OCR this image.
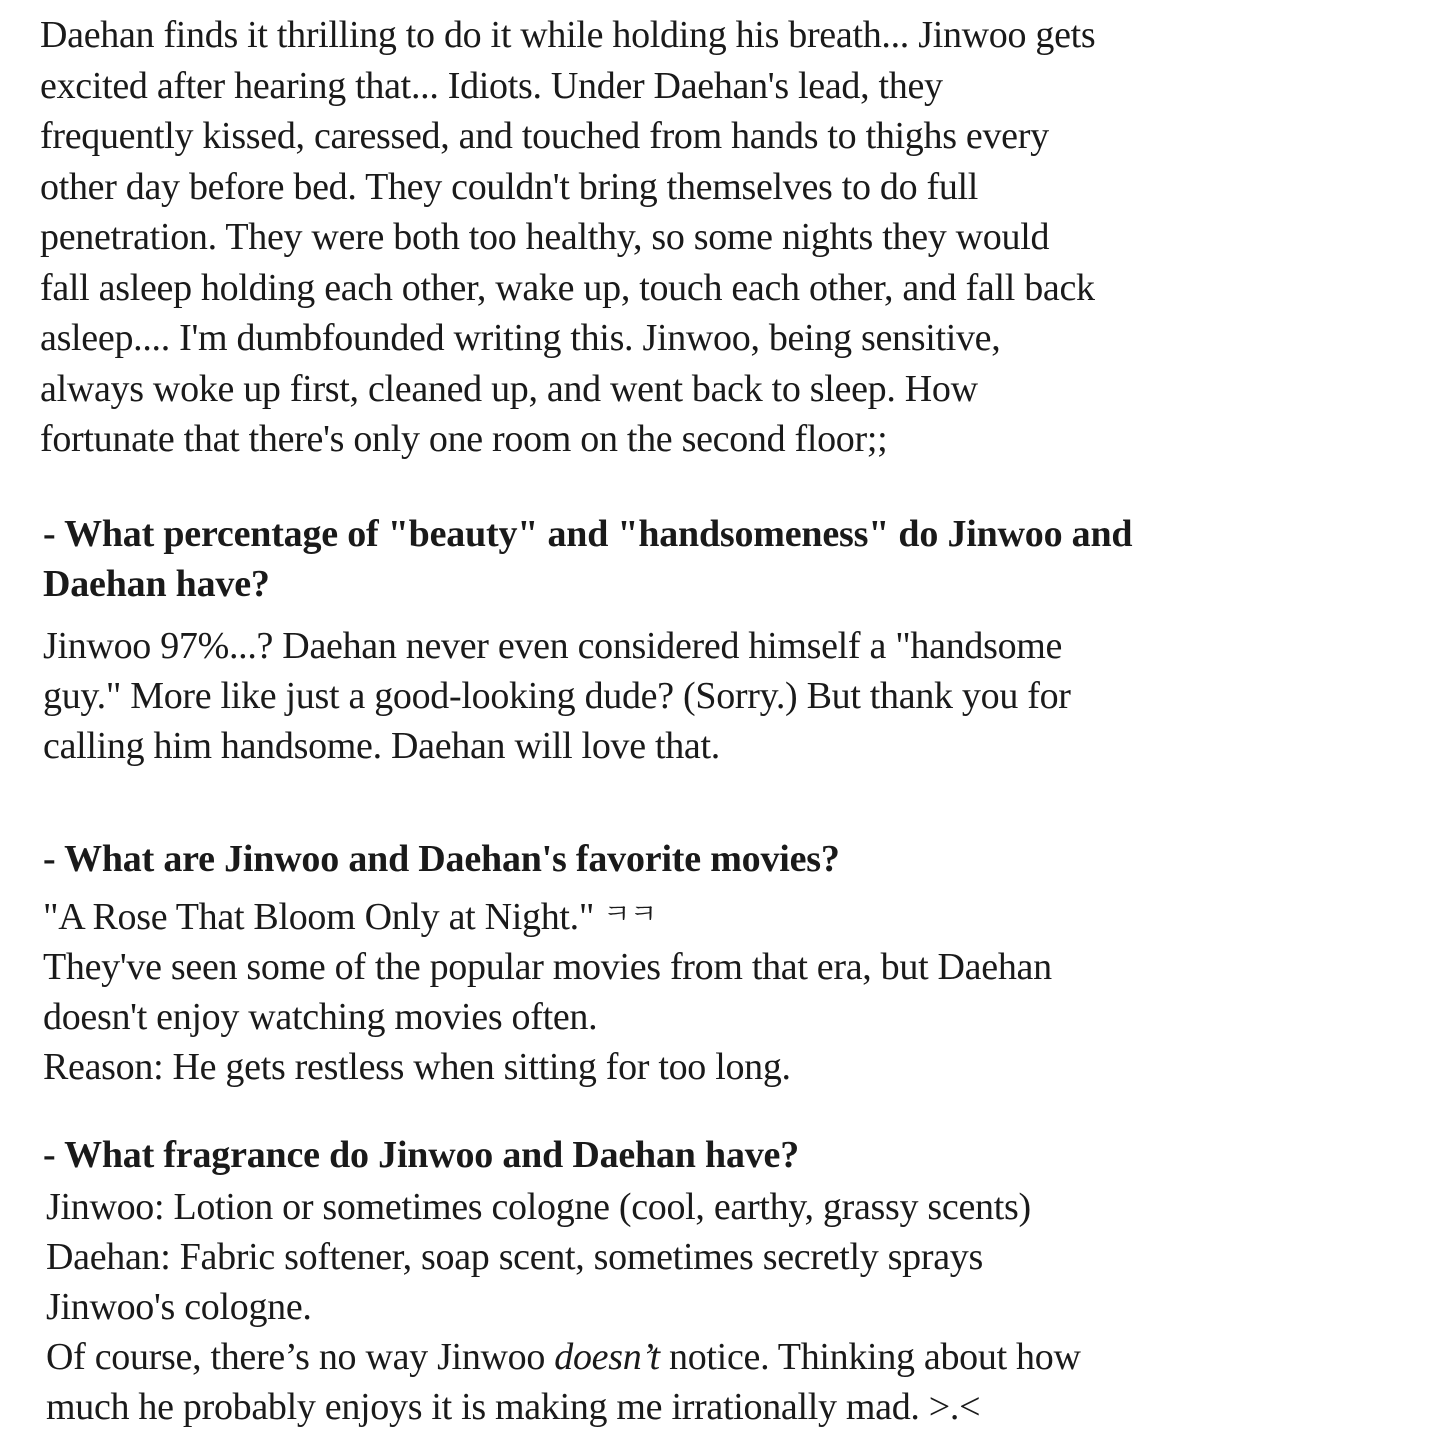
Daehan finds it thrilling to do it while holding his breath... Jinwoo gets
excited after hearing that... Idiots. Under Daehan's lead, they
frequently kissed, caressed, and touched from hands to thighs every
other day before bed. They couldn't bring themselves to do full
penetration. They were both too healthy, so some nights they would
fall asleep holding each other, wake up, touch each other, and fall back
asleep.... I'm dumbfounded writing this. Jinwoo, being sensitive,
always woke up first, cleaned up, and went back to sleep. How
fortunate that there's only one room on the second floor;;

- What percentage of "beauty" and "handsomeness" do Jinwoo and
Daehan have?

Jinwoo 97%...? Daehan never even considered himself a "handsome
guy." More like just a good-looking dude? (Sorry.) But thank you for
calling him handsome. Daehan will love that.

- What are Jinwoo and Daehan's favorite movies?

"A Rose That Bloom Only at Night." ㅋㅋ
They've seen some of the popular movies from that era, but Daehan
doesn't enjoy watching movies often.
Reason: He gets restless when sitting for too long.

- What fragrance do Jinwoo and Daehan have?

Jinwoo: Lotion or sometimes cologne (cool, earthy, grassy scents)
Daehan: Fabric softener, soap scent, sometimes secretly sprays
Jinwoo's cologne.
Of course, there’s no way Jinwoo doesn’t notice. Thinking about how
much he probably enjoys it is making me irrationally mad. >.<
